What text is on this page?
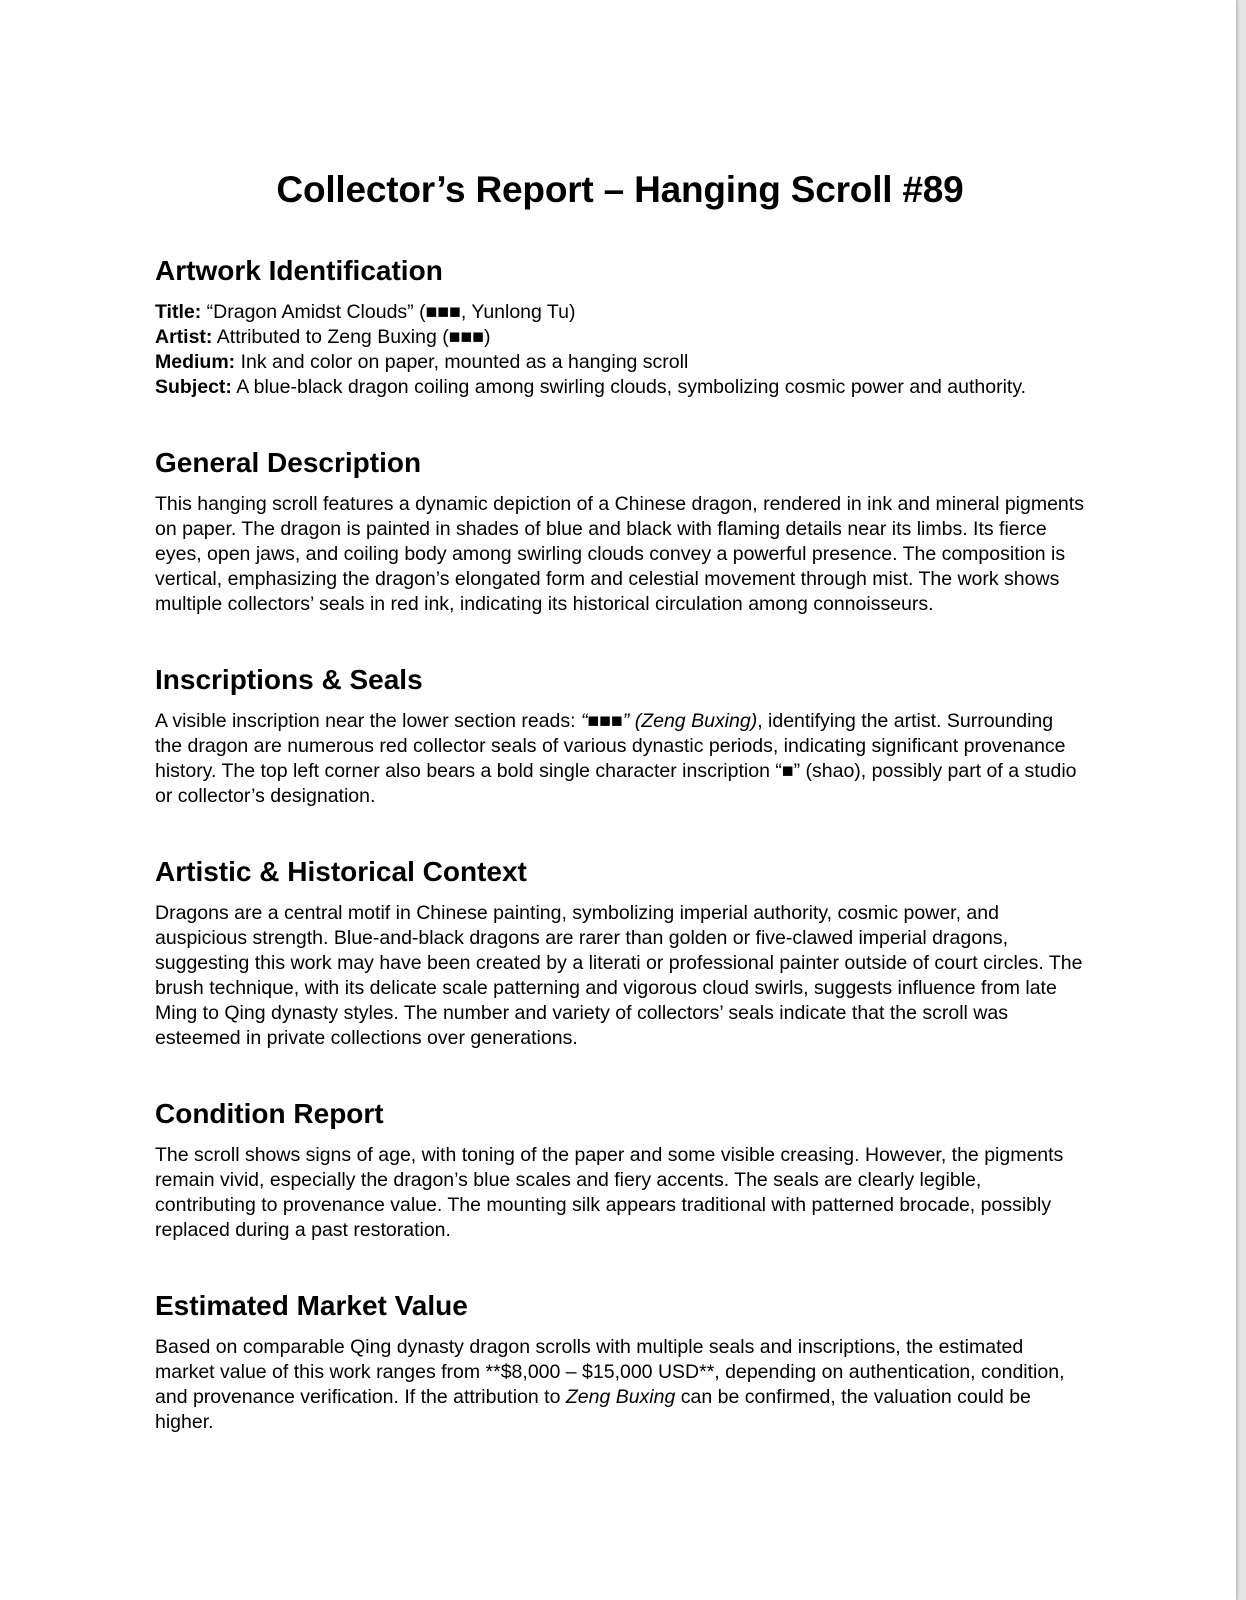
Collector’s Report – Hanging Scroll #89
Artwork Identification
Title: “Dragon Amidst Clouds” (■■■, Yunlong Tu)
Artist: Attributed to Zeng Buxing (■■■)
Medium: Ink and color on paper, mounted as a hanging scroll
Subject: A blue-black dragon coiling among swirling clouds, symbolizing cosmic power and authority.
General Description

This hanging scroll features a dynamic depiction of a Chinese dragon, rendered in ink and mineral pigments on paper. The dragon is painted in shades of blue and black with flaming details near its limbs. Its fierce eyes, open jaws, and coiling body among swirling clouds convey a powerful presence. The composition is vertical, emphasizing the dragon’s elongated form and celestial movement through mist. The work shows multiple collectors’ seals in red ink, indicating its historical circulation among connoisseurs.

Inscriptions & Seals

A visible inscription near the lower section reads: “■■■” (Zeng Buxing), identifying the artist. Surrounding the dragon are numerous red collector seals of various dynastic periods, indicating significant provenance history. The top left corner also bears a bold single character inscription “■” (shao), possibly part of a studio or collector’s designation.

Artistic & Historical Context

Dragons are a central motif in Chinese painting, symbolizing imperial authority, cosmic power, and auspicious strength. Blue-and-black dragons are rarer than golden or five-clawed imperial dragons, suggesting this work may have been created by a literati or professional painter outside of court circles. The brush technique, with its delicate scale patterning and vigorous cloud swirls, suggests influence from late Ming to Qing dynasty styles. The number and variety of collectors’ seals indicate that the scroll was esteemed in private collections over generations.

Condition Report

The scroll shows signs of age, with toning of the paper and some visible creasing. However, the pigments remain vivid, especially the dragon’s blue scales and fiery accents. The seals are clearly legible, contributing to provenance value. The mounting silk appears traditional with patterned brocade, possibly replaced during a past restoration.

Estimated Market Value

Based on comparable Qing dynasty dragon scrolls with multiple seals and inscriptions, the estimated market value of this work ranges from **$8,000 – $15,000 USD**, depending on authentication, condition, and provenance verification. If the attribution to Zeng Buxing can be confirmed, the valuation could be higher.
